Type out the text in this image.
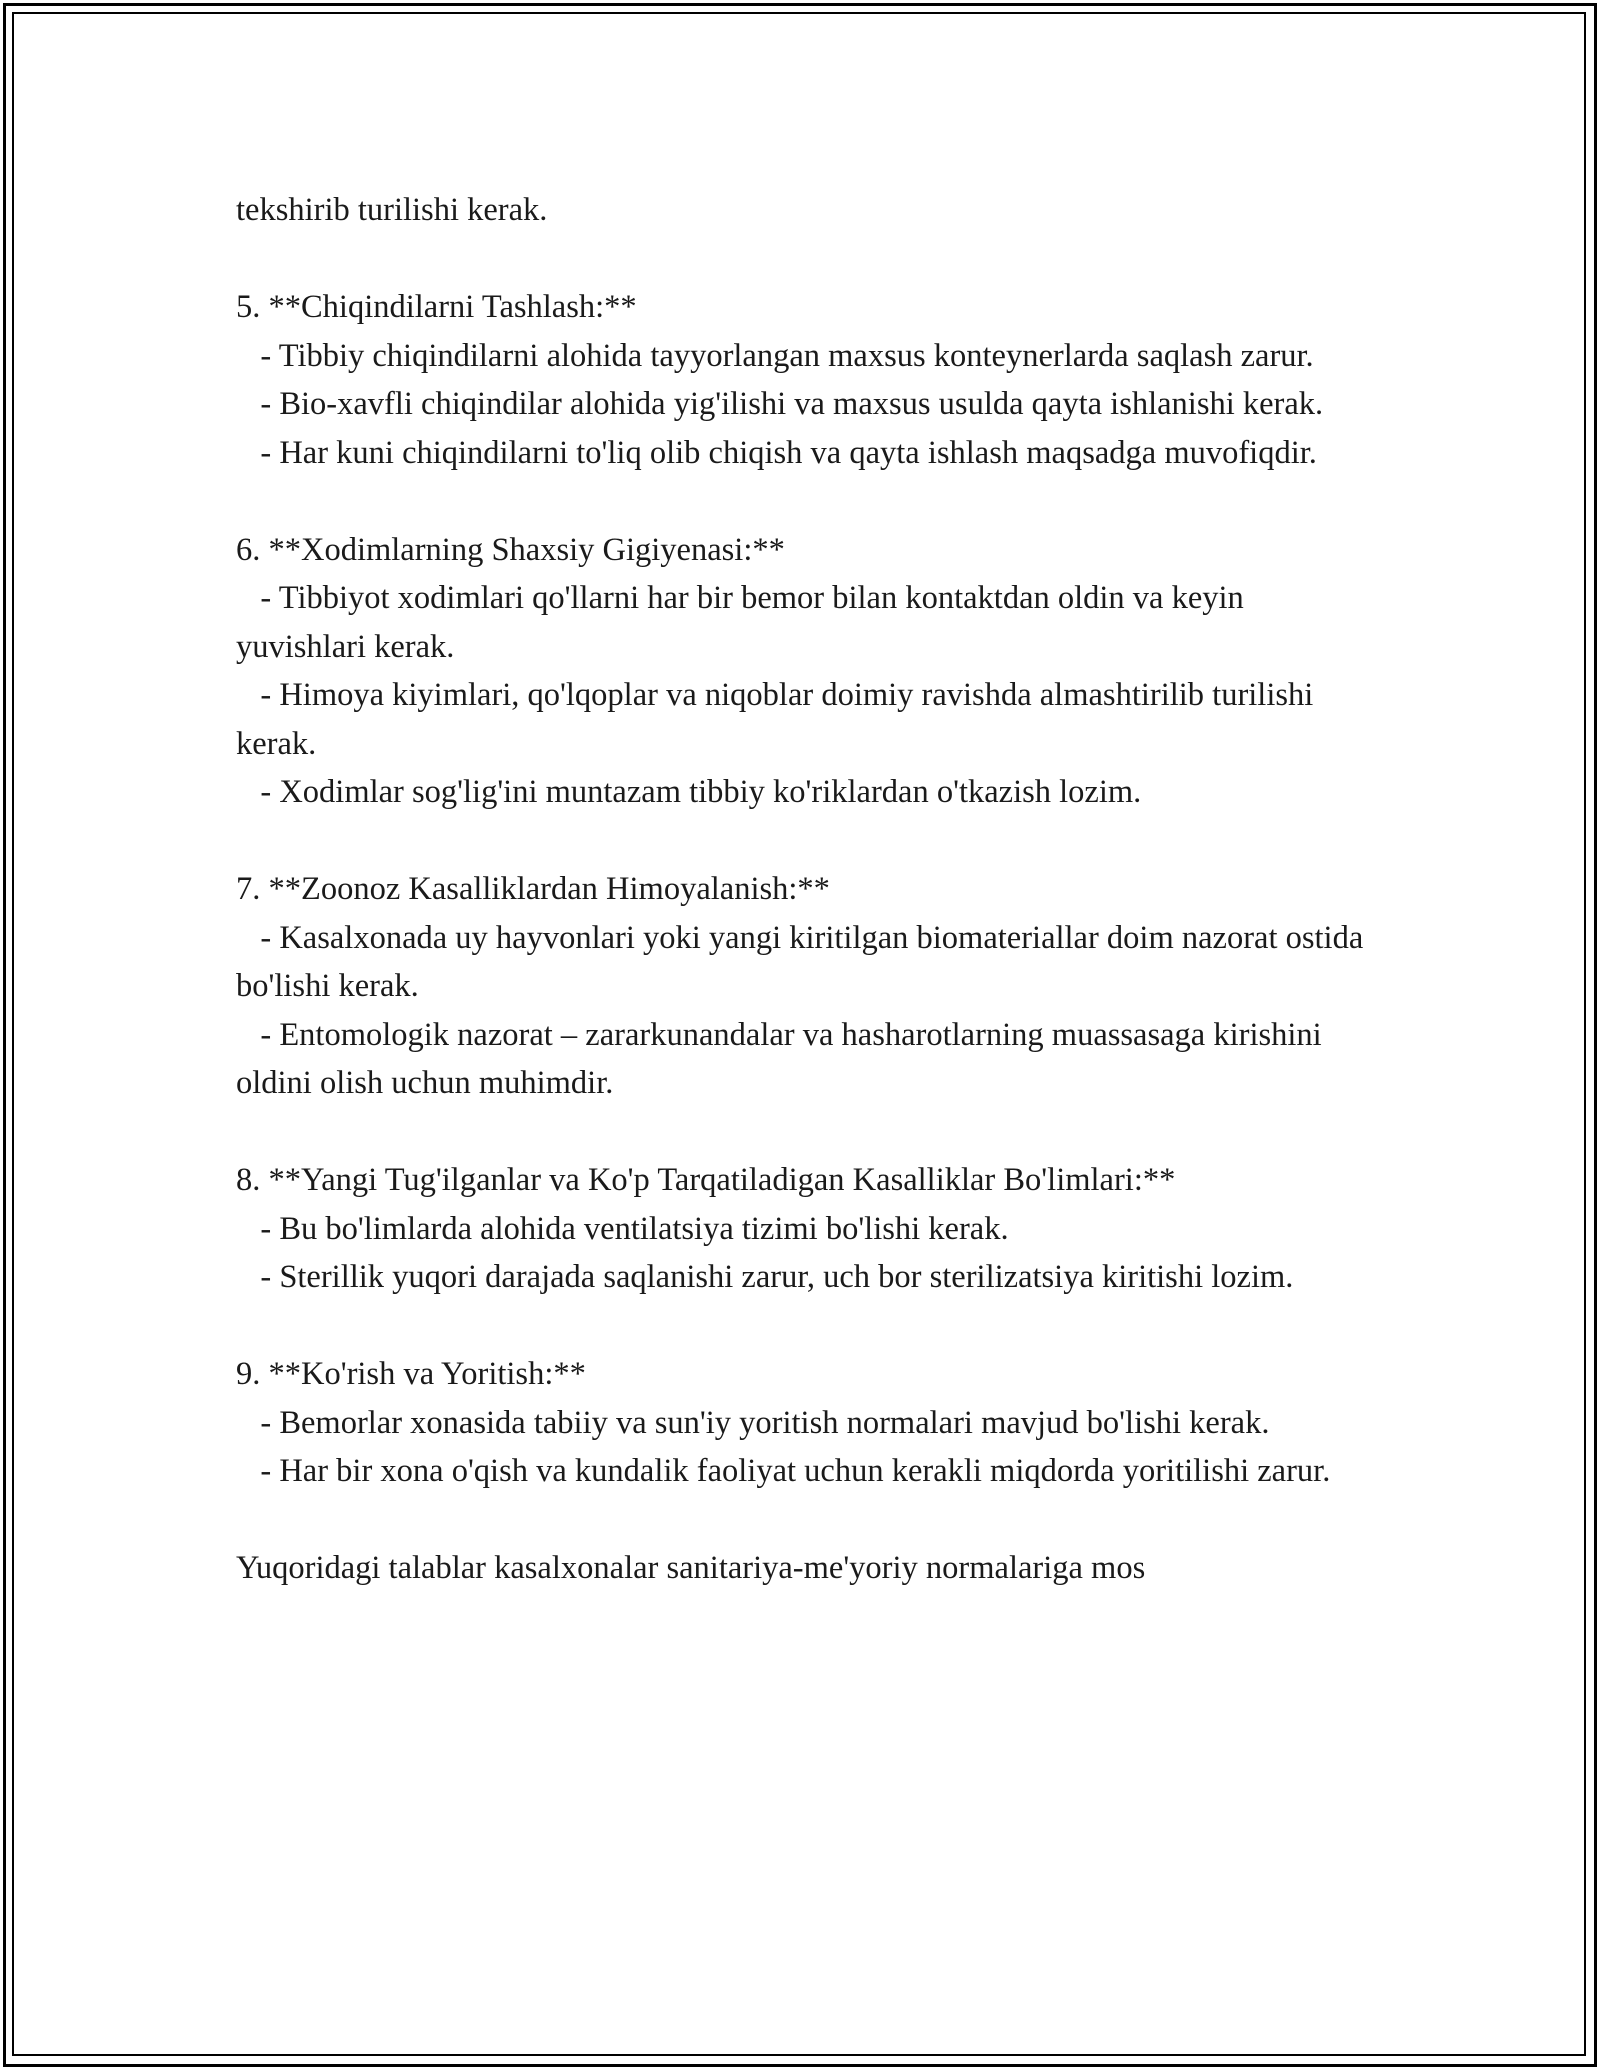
tekshirib turilishi kerak.

5. **Chiqindilarni Tashlash:**

- Tibbiy chiqindilarni alohida tayyorlangan maxsus konteynerlarda saqlash zarur.

- Bio-xavfli chiqindilar alohida yig'ilishi va maxsus usulda qayta ishlanishi kerak.

- Har kuni chiqindilarni to'liq olib chiqish va qayta ishlash maqsadga muvofiqdir.

6. **Xodimlarning Shaxsiy Gigiyenasi:**

- Tibbiyot xodimlari qo'llarni har bir bemor bilan kontaktdan oldin va keyin yuvishlari kerak.

- Himoya kiyimlari, qo'lqoplar va niqoblar doimiy ravishda almashtirilib turilishi kerak.

- Xodimlar sog'lig'ini muntazam tibbiy ko'riklardan o'tkazish lozim.

7. **Zoonoz Kasalliklardan Himoyalanish:**

- Kasalxonada uy hayvonlari yoki yangi kiritilgan biomateriallar doim nazorat ostida bo'lishi kerak.

- Entomologik nazorat – zararkunandalar va hasharotlarning muassasaga kirishini oldini olish uchun muhimdir.

8. **Yangi Tug'ilganlar va Ko'p Tarqatiladigan Kasalliklar Bo'limlari:**

- Bu bo'limlarda alohida ventilatsiya tizimi bo'lishi kerak.

- Sterillik yuqori darajada saqlanishi zarur, uch bor sterilizatsiya kiritishi lozim.

9. **Ko'rish va Yoritish:**

- Bemorlar xonasida tabiiy va sun'iy yoritish normalari mavjud bo'lishi kerak.

- Har bir xona o'qish va kundalik faoliyat uchun kerakli miqdorda yoritilishi zarur.

Yuqoridagi talablar kasalxonalar sanitariya-me'yoriy normalariga mos
